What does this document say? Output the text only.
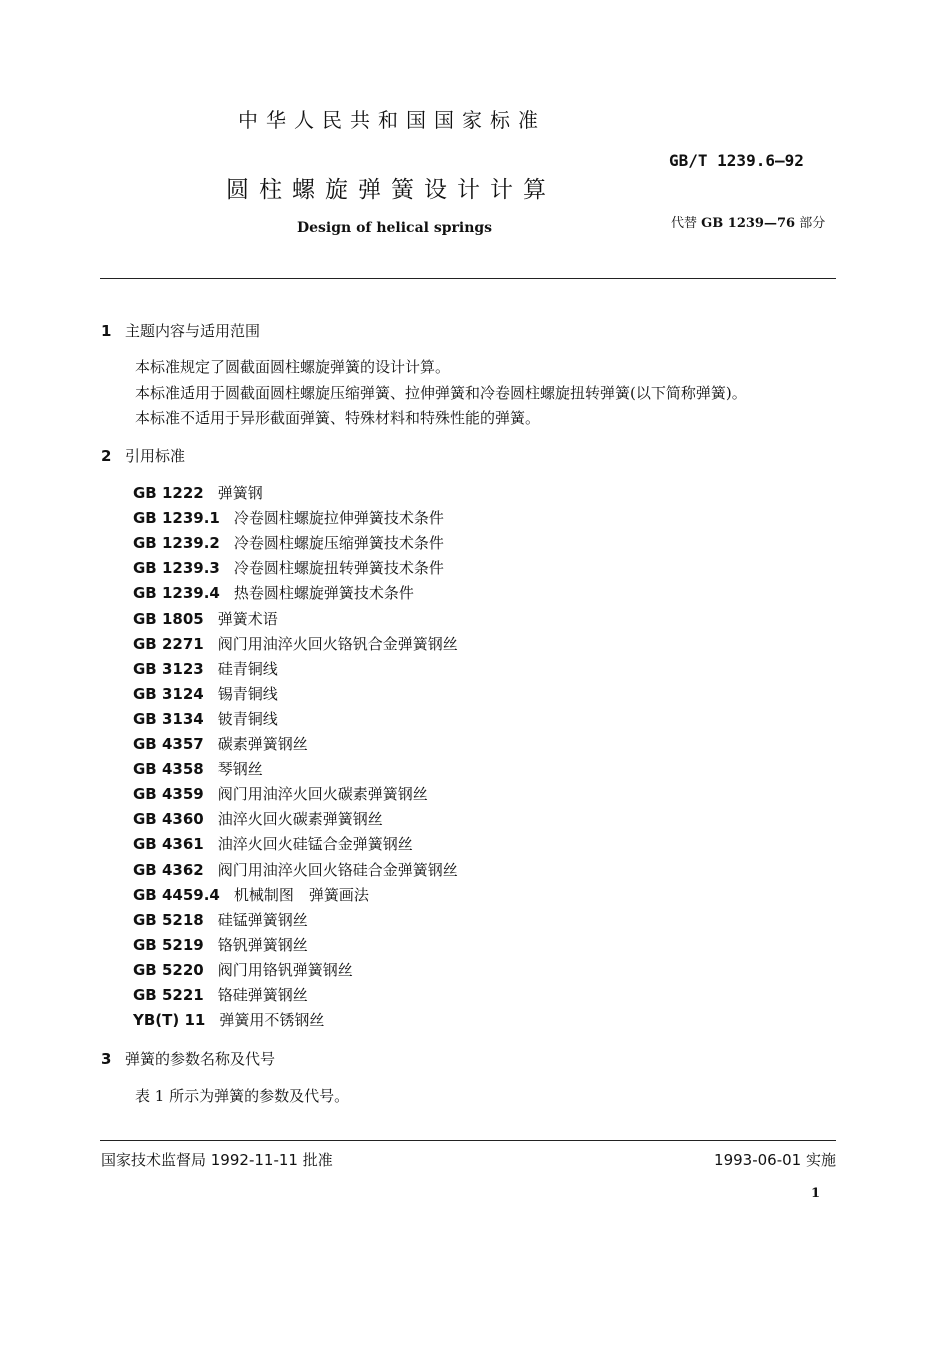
中华人民共和国国家标准
圆柱螺旋弹簧设计计算
Design of helical springs
GB/T 1239.6—92
代替 GB 1239—76 部分
1 主题内容与适用范围
本标准规定了圆截面圆柱螺旋弹簧的设计计算。
本标准适用于圆截面圆柱螺旋压缩弹簧、拉伸弹簧和冷卷圆柱螺旋扭转弹簧(以下简称弹簧)。
本标准不适用于异形截面弹簧、特殊材料和特殊性能的弹簧。
2 引用标准
GB 1222 弹簧钢
GB 1239.1 冷卷圆柱螺旋拉伸弹簧技术条件
GB 1239.2 冷卷圆柱螺旋压缩弹簧技术条件
GB 1239.3 冷卷圆柱螺旋扭转弹簧技术条件
GB 1239.4 热卷圆柱螺旋弹簧技术条件
GB 1805 弹簧术语
GB 2271 阀门用油淬火回火铬钒合金弹簧钢丝
GB 3123 硅青铜线
GB 3124 锡青铜线
GB 3134 铍青铜线
GB 4357 碳素弹簧钢丝
GB 4358 琴钢丝
GB 4359 阀门用油淬火回火碳素弹簧钢丝
GB 4360 油淬火回火碳素弹簧钢丝
GB 4361 油淬火回火硅锰合金弹簧钢丝
GB 4362 阀门用油淬火回火铬硅合金弹簧钢丝
GB 4459.4 机械制图　弹簧画法
GB 5218 硅锰弹簧钢丝
GB 5219 铬钒弹簧钢丝
GB 5220 阀门用铬钒弹簧钢丝
GB 5221 铬硅弹簧钢丝
YB(T) 11 弹簧用不锈钢丝
3 弹簧的参数名称及代号
表 1 所示为弹簧的参数及代号。
国家技术监督局 1992-11-11 批准	1993-06-01 实施
1
